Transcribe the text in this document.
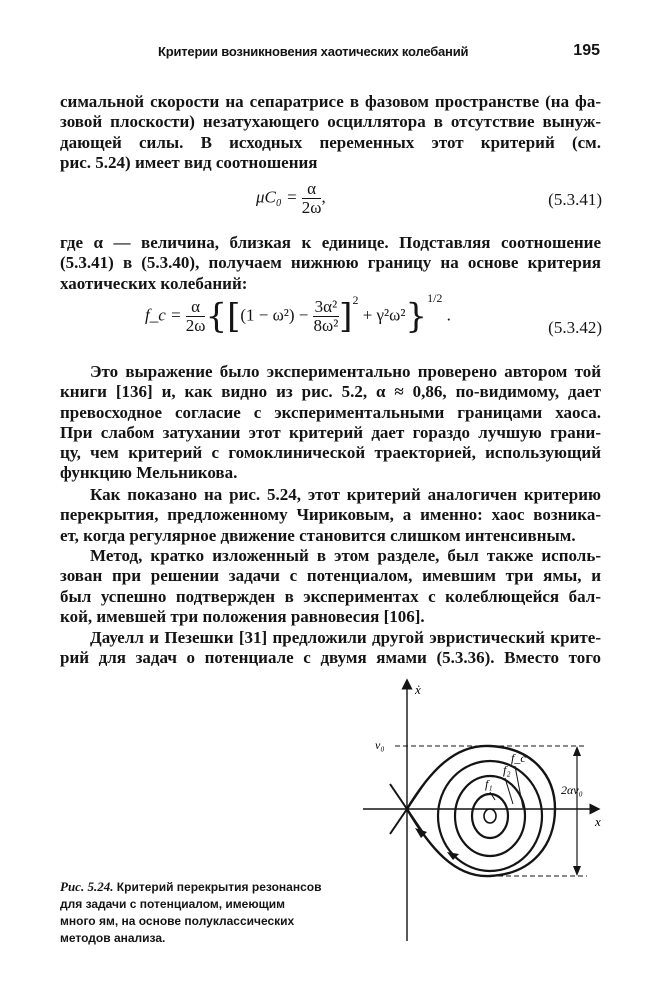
Критерии возникновения хаотических колебаний	195
симальной скорости на сепаратрисе в фазовом пространстве (на фа-
зовой плоскости) незатухающего осциллятора в отсутствие вынуж-
дающей силы. В исходных переменных этот критерий (см.
рис. 5.24) имеет вид соотношения
$\mu C_0 = \frac{\alpha}{2\omega}$ ,	(5.3.41)
где α — величина, близкая к единице. Подставляя соотношение
(5.3.41) в (5.3.40), получаем нижнюю границу на основе критерия
хаотических колебаний:
f_c = $\frac{\alpha}{2\omega} \{[(1 - \omega^2) - \frac{\text{3α²}}{\text{8ω²}} ]^2 + \gamma^2\omega^2\}^{1/2}$ .
(5.3.42)
Это выражение было экспериментально проверено автором той
книги [136] и, как видно из рис. 5.2, α ≈ 0,86, по-видимому, дает
превосходное согласие с экспериментальными границами хаоса.
При слабом затухании этот критерий дает гораздо лучшую грани-
цу, чем критерий с гомоклинической траекторией, использующий
функцию Мельникова.
Как показано на рис. 5.24, этот критерий аналогичен критерию
перекрытия, предложенному Чириковым, а именно: хаос возника-
ет, когда регулярное движение становится слишком интенсивным.
Метод, кратко изложенный в этом разделе, был также исполь-
зован при решении задачи с потенциалом, имевшим три ямы, и
был успешно подтвержден в экспериментах с колеблющейся бал-
кой, имевшей три положения равновесия [106].
Дауелл и Пезешки [31] предложили другой эвристический крите-
рий для задач о потенциале с двумя ямами (5.3.36). Вместо того
ẋ
x
2αv₀
v₀
f_c
f₂
f₁
Рис. 5.24. Критерий перекрытия резонансов для задачи с потенциалом, имеющим много ям, на основе полуклассических методов анализа.
